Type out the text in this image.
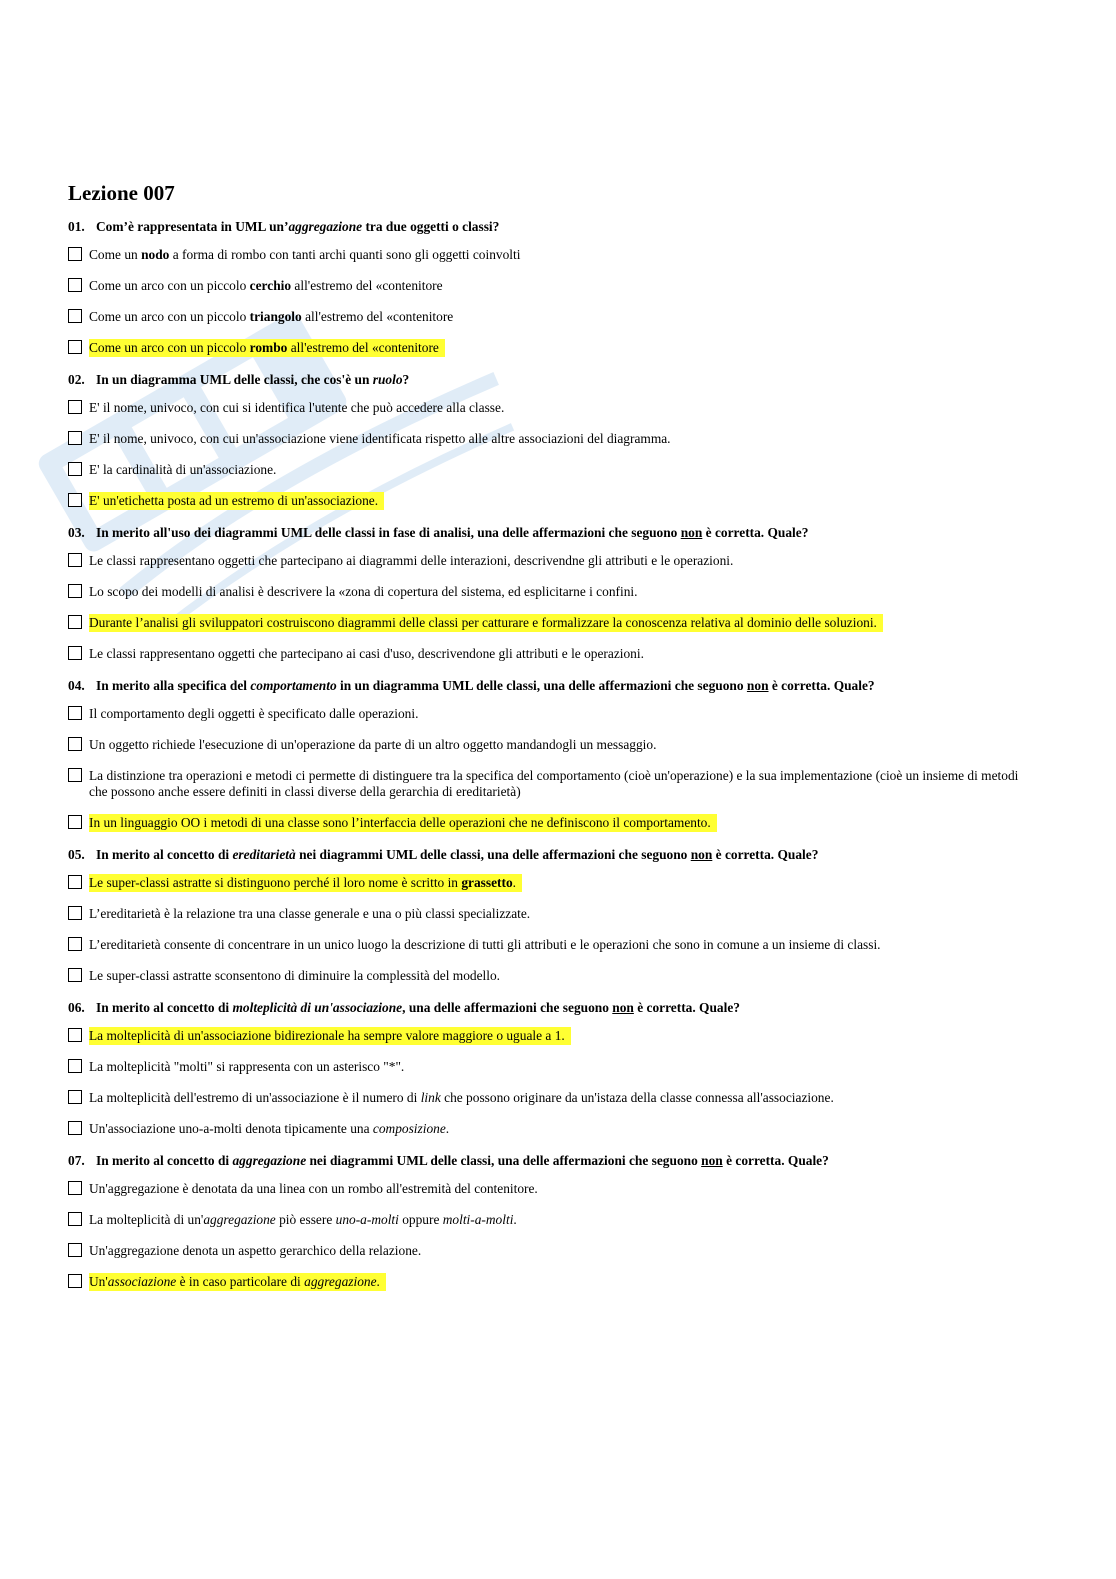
Lezione 007
01. Com’è rappresentata in UML un’aggregazione tra due oggetti o classi?
Come un nodo a forma di rombo con tanti archi quanti sono gli oggetti coinvolti
Come un arco con un piccolo cerchio all'estremo del «contenitore
Come un arco con un piccolo triangolo all'estremo del «contenitore
Come un arco con un piccolo rombo all'estremo del «contenitore
02. In un diagramma UML delle classi, che cos'è un ruolo?
E' il nome, univoco, con cui si identifica l'utente che può accedere alla classe.
E' il nome, univoco, con cui un'associazione viene identificata rispetto alle altre associazioni del diagramma.
E' la cardinalità di un'associazione.
E' un'etichetta posta ad un estremo di un'associazione.
03. In merito all'uso dei diagrammi UML delle classi in fase di analisi, una delle affermazioni che seguono non è corretta. Quale?
Le classi rappresentano oggetti che partecipano ai diagrammi delle interazioni, descrivendne gli attributi e le operazioni.
Lo scopo dei modelli di analisi è descrivere la «zona di copertura del sistema, ed esplicitarne i confini.
Durante l’analisi gli sviluppatori costruiscono diagrammi delle classi per catturare e formalizzare la conoscenza relativa al dominio delle soluzioni.
Le classi rappresentano oggetti che partecipano ai casi d'uso, descrivendone gli attributi e le operazioni.
04. In merito alla specifica del comportamento in un diagramma UML delle classi, una delle affermazioni che seguono non è corretta. Quale?
Il comportamento degli oggetti è specificato dalle operazioni.
Un oggetto richiede l'esecuzione di un'operazione da parte di un altro oggetto mandandogli un messaggio.
La distinzione tra operazioni e metodi ci permette di distinguere tra la specifica del comportamento (cioè un'operazione) e la sua implementazione (cioè un insieme di metodi che possono anche essere definiti in classi diverse della gerarchia di ereditarietà)
In un linguaggio OO i metodi di una classe sono l’interfaccia delle operazioni che ne definiscono il comportamento.
05. In merito al concetto di ereditarietà nei diagrammi UML delle classi, una delle affermazioni che seguono non è corretta. Quale?
Le super-classi astratte si distinguono perché il loro nome è scritto in grassetto.
L’ereditarietà è la relazione tra una classe generale e una o più classi specializzate.
L’ereditarietà consente di concentrare in un unico luogo la descrizione di tutti gli attributi e le operazioni che sono in comune a un insieme di classi.
Le super-classi astratte sconsentono di diminuire la complessità del modello.
06. In merito al concetto di molteplicità di un'associazione, una delle affermazioni che seguono non è corretta. Quale?
La molteplicità di un'associazione bidirezionale ha sempre valore maggiore o uguale a 1.
La molteplicità "molti" si rappresenta con un asterisco "*".
La molteplicità dell'estremo di un'associazione è il numero di link che possono originare da un'istaza della classe connessa all'associazione.
Un'associazione uno-a-molti denota tipicamente una composizione.
07. In merito al concetto di aggregazione nei diagrammi UML delle classi, una delle affermazioni che seguono non è corretta. Quale?
Un'aggregazione è denotata da una linea con un rombo all'estremità del contenitore.
La molteplicità di un'aggregazione piò essere uno-a-molti oppure molti-a-molti.
Un'aggregazione denota un aspetto gerarchico della relazione.
Un'associazione è in caso particolare di aggregazione.
